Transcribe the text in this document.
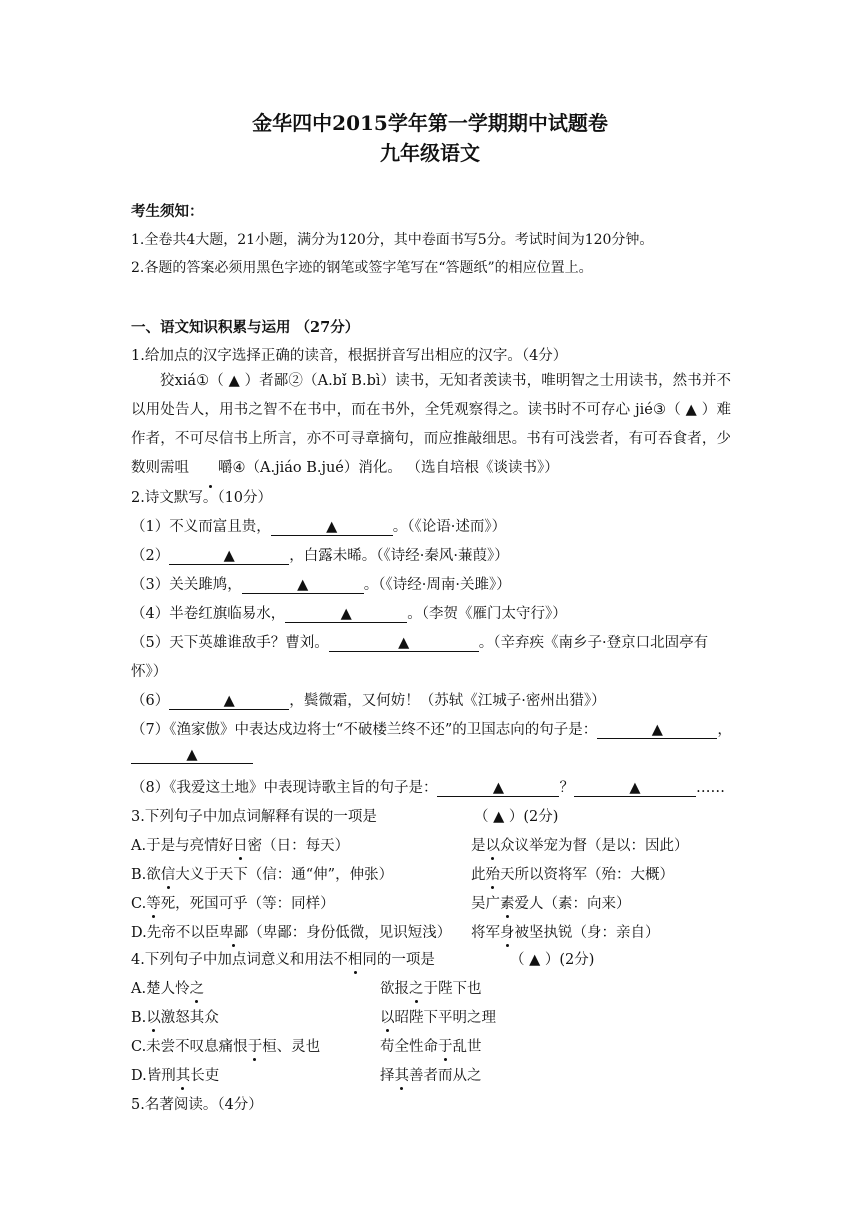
金华四中2015学年第一学期期中试题卷
九年级语文
考生须知：
1.全卷共4大题，21小题，满分为120分，其中卷面书写5分。考试时间为120分钟。
2.各题的答案必须用黑色字迹的钢笔或签字笔写在“答题纸”的相应位置上。
一、语文知识积累与运用 （27分）
1.给加点的汉字选择正确的读音，根据拼音写出相应的汉字。（4分）
狡xiá①（ ▲ ）者鄙②（A.bǐ B.bì）读书，无知者羡读书，唯明智之士用读书，然书并不以用处告人，用书之智不在书中，而在书外，全凭观察得之。读书时不可存心 jié③（ ▲ ）难作者，不可尽信书上所言，亦不可寻章摘句，而应推敲细思。书有可浅尝者，有可吞食者，少数则需咀 嚼④（A.jiáo B.jué）消化。 （选自培根《谈读书》）
2.诗文默写。（10分）
（1）不义而富且贵，	▲	。（《论语·述而》）
（2）	▲	，白露未晞。（《诗经·秦风·蒹葭》）
（3）关关雎鸠，	▲	。（《诗经·周南·关雎》）
（4）半卷红旗临易水，	▲	。（李贺《雁门太守行》）
（5）天下英雄谁敌手？曹刘。	▲	。（辛弃疾《南乡子·登京口北固亭有
怀》）
（6）	▲	，鬓微霜，又何妨！（苏轼《江城子·密州出猎》）
（7）《渔家傲》中表达戍边将士“不破楼兰终不还”的卫国志向的句子是：	▲	，
▲
（8）《我爱这土地》中表现诗歌主旨的句子是：	▲	？	▲	……
3.下列句子中加点词解释有误的一项是	（ ▲ ）(2分)
A.于是与亮情好日密（日：每天）	是以众议举宠为督（是以：因此）
B.欲信大义于天下（信：通“伸”，伸张）	此殆天所以资将军（殆：大概）
C.等死，死国可乎（等：同样）	吴广素爱人（素：向来）
D.先帝不以臣卑鄙（卑鄙：身份低微，见识短浅） 将军身被坚执锐（身：亲自）
4.下列句子中加点词意义和用法不相同的一项是	（ ▲ ）(2分)
A.楚人怜之	欲报之于陛下也
B.以激怒其众	以昭陛下平明之理
C.未尝不叹息痛恨于桓、灵也	苟全性命于乱世
D.皆刑其长吏	择其善者而从之
5.名著阅读。（4分）
